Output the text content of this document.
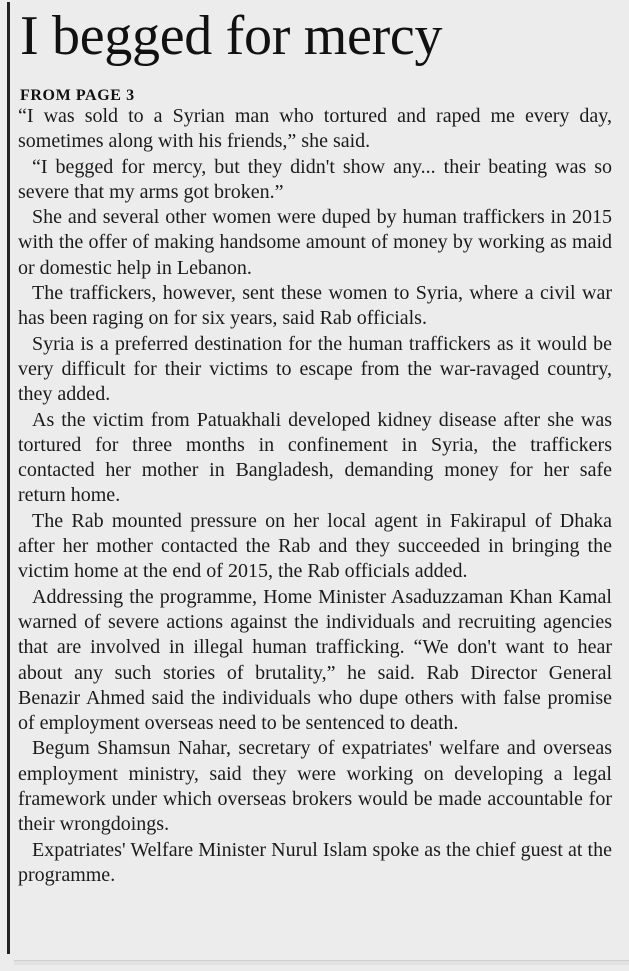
I begged for mercy
FROM PAGE 3

“I was sold to a Syrian man who tortured and raped me every day, sometimes along with his friends,” she said.

“I begged for mercy, but they didn't show any... their beating was so severe that my arms got broken.”

She and several other women were duped by human traffickers in 2015 with the offer of making handsome amount of money by working as maid or domestic help in Lebanon.

The traffickers, however, sent these women to Syria, where a civil war has been raging on for six years, said Rab officials.

Syria is a preferred destination for the human traffickers as it would be very difficult for their victims to escape from the war-ravaged country, they added.

As the victim from Patuakhali developed kidney disease after she was tortured for three months in confinement in Syria, the traffickers contacted her mother in Bangladesh, demanding money for her safe return home.

The Rab mounted pressure on her local agent in Fakirapul of Dhaka after her mother contacted the Rab and they succeeded in bringing the victim home at the end of 2015, the Rab officials added.

Addressing the programme, Home Minister Asaduzzaman Khan Kamal warned of severe actions against the individuals and recruiting agencies that are involved in illegal human trafficking. “We don't want to hear about any such stories of brutality,” he said. Rab Director General Benazir Ahmed said the individuals who dupe others with false promise of employment overseas need to be sentenced to death.

Begum Shamsun Nahar, secretary of expatriates' welfare and overseas employment ministry, said they were working on developing a legal framework under which overseas brokers would be made accountable for their wrongdoings.

Expatriates' Welfare Minister Nurul Islam spoke as the chief guest at the programme.
